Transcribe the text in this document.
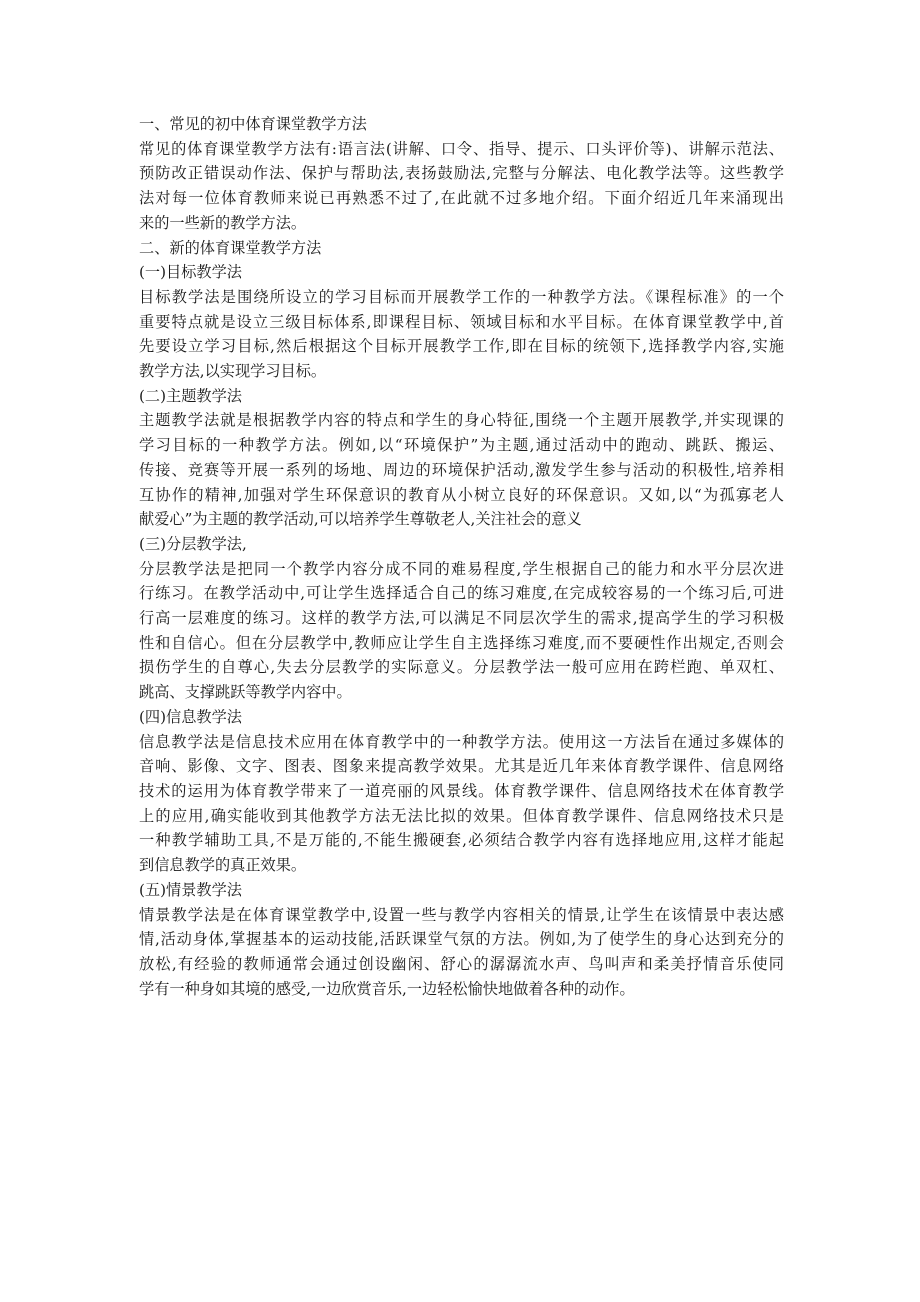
一、常见的初中体育课堂教学方法
常见的体育课堂教学方法有:语言法(讲解、口令、指导、提示、口头评价等)、讲解示范法、
预防改正错误动作法、保护与帮助法,表扬鼓励法,完整与分解法、电化教学法等。这些教学
法对每一位体育教师来说已再熟悉不过了,在此就不过多地介绍。下面介绍近几年来涌现出
来的一些新的教学方法。
二、新的体育课堂教学方法
(一)目标教学法
目标教学法是围绕所设立的学习目标而开展教学工作的一种教学方法。《课程标准》的一个
重要特点就是设立三级目标体系,即课程目标、领域目标和水平目标。在体育课堂教学中,首
先要设立学习目标,然后根据这个目标开展教学工作,即在目标的统领下,选择教学内容,实施
教学方法,以实现学习目标。
(二)主题教学法
主题教学法就是根据教学内容的特点和学生的身心特征,围绕一个主题开展教学,并实现课的
学习目标的一种教学方法。例如,以“环境保护”为主题,通过活动中的跑动、跳跃、搬运、
传接、竞赛等开展一系列的场地、周边的环境保护活动,激发学生参与活动的积极性,培养相
互协作的精神,加强对学生环保意识的教育从小树立良好的环保意识。又如,以“为孤寡老人
献爱心”为主题的教学活动,可以培养学生尊敬老人,关注社会的意义
(三)分层教学法,
分层教学法是把同一个教学内容分成不同的难易程度,学生根据自己的能力和水平分层次进
行练习。在教学活动中,可让学生选择适合自己的练习难度,在完成较容易的一个练习后,可进
行高一层难度的练习。这样的教学方法,可以满足不同层次学生的需求,提高学生的学习积极
性和自信心。但在分层教学中,教师应让学生自主选择练习难度,而不要硬性作出规定,否则会
损伤学生的自尊心,失去分层教学的实际意义。分层教学法一般可应用在跨栏跑、单双杠、
跳高、支撑跳跃等教学内容中。
(四)信息教学法
信息教学法是信息技术应用在体育教学中的一种教学方法。使用这一方法旨在通过多媒体的
音响、影像、文字、图表、图象来提高教学效果。尤其是近几年来体育教学课件、信息网络
技术的运用为体育教学带来了一道亮丽的风景线。体育教学课件、信息网络技术在体育教学
上的应用,确实能收到其他教学方法无法比拟的效果。但体育教学课件、信息网络技术只是
一种教学辅助工具,不是万能的,不能生搬硬套,必须结合教学内容有选择地应用,这样才能起
到信息教学的真正效果。
(五)情景教学法
情景教学法是在体育课堂教学中,设置一些与教学内容相关的情景,让学生在该情景中表达感
情,活动身体,掌握基本的运动技能,活跃课堂气氛的方法。例如,为了使学生的身心达到充分的
放松,有经验的教师通常会通过创设幽闲、舒心的潺潺流水声、鸟叫声和柔美抒情音乐使同
学有一种身如其境的感受,一边欣赏音乐,一边轻松愉快地做着各种的动作。
